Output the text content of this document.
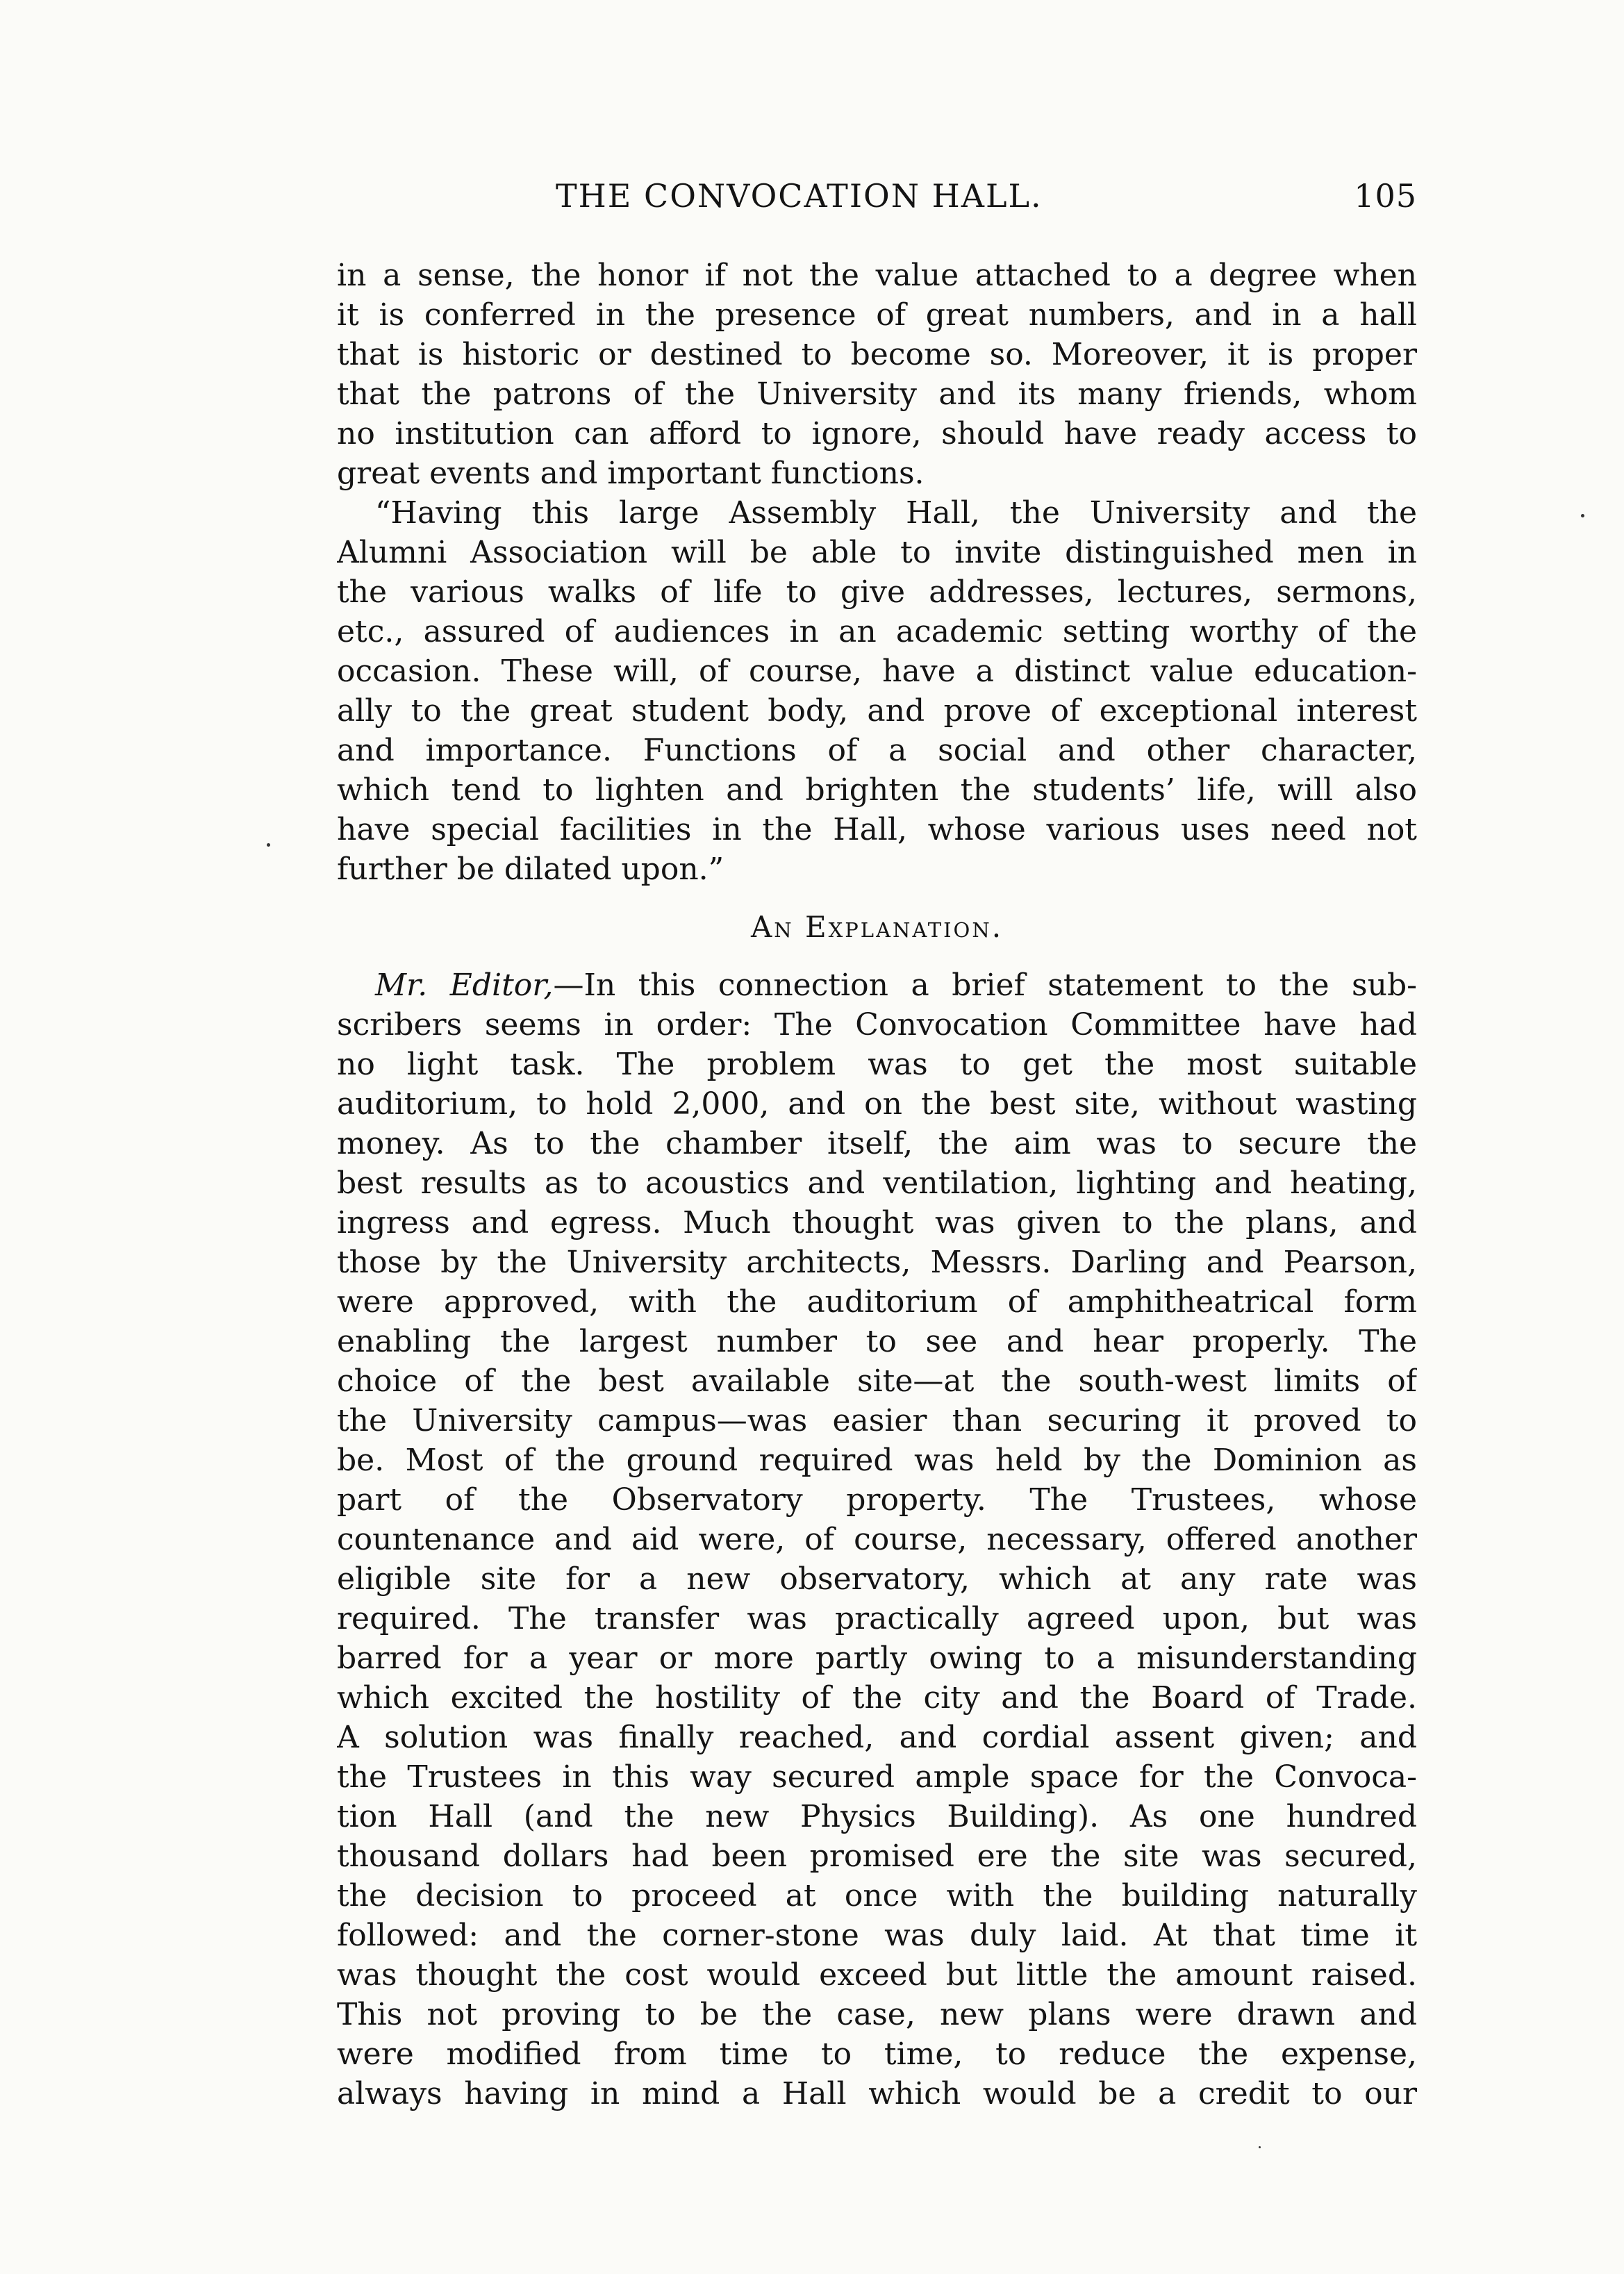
THE CONVOCATION HALL.	105
in a sense, the honor if not the value attached to a degree when
it is conferred in the presence of great numbers, and in a hall
that is historic or destined to become so. Moreover, it is proper
that the patrons of the University and its many friends, whom
no institution can afford to ignore, should have ready access to
great events and important functions.
“Having this large Assembly Hall, the University and the
Alumni Association will be able to invite distinguished men in
the various walks of life to give addresses, lectures, sermons,
etc., assured of audiences in an academic setting worthy of the
occasion. These will, of course, have a distinct value education-
ally to the great student body, and prove of exceptional interest
and importance. Functions of a social and other character,
which tend to lighten and brighten the students’ life, will also
have special facilities in the Hall, whose various uses need not
further be dilated upon.”
An Explanation.
Mr. Editor,—In this connection a brief statement to the sub-
scribers seems in order: The Convocation Committee have had
no light task. The problem was to get the most suitable
auditorium, to hold 2,000, and on the best site, without wasting
money. As to the chamber itself, the aim was to secure the
best results as to acoustics and ventilation, lighting and heating,
ingress and egress. Much thought was given to the plans, and
those by the University architects, Messrs. Darling and Pearson,
were approved, with the auditorium of amphitheatrical form
enabling the largest number to see and hear properly. The
choice of the best available site—at the south-west limits of
the University campus—was easier than securing it proved to
be. Most of the ground required was held by the Dominion as
part of the Observatory property. The Trustees, whose
countenance and aid were, of course, necessary, offered another
eligible site for a new observatory, which at any rate was
required. The transfer was practically agreed upon, but was
barred for a year or more partly owing to a misunderstanding
which excited the hostility of the city and the Board of Trade.
A solution was finally reached, and cordial assent given; and
the Trustees in this way secured ample space for the Convoca-
tion Hall (and the new Physics Building). As one hundred
thousand dollars had been promised ere the site was secured,
the decision to proceed at once with the building naturally
followed: and the corner-stone was duly laid. At that time it
was thought the cost would exceed but little the amount raised.
This not proving to be the case, new plans were drawn and
were modified from time to time, to reduce the expense,
always having in mind a Hall which would be a credit to our
